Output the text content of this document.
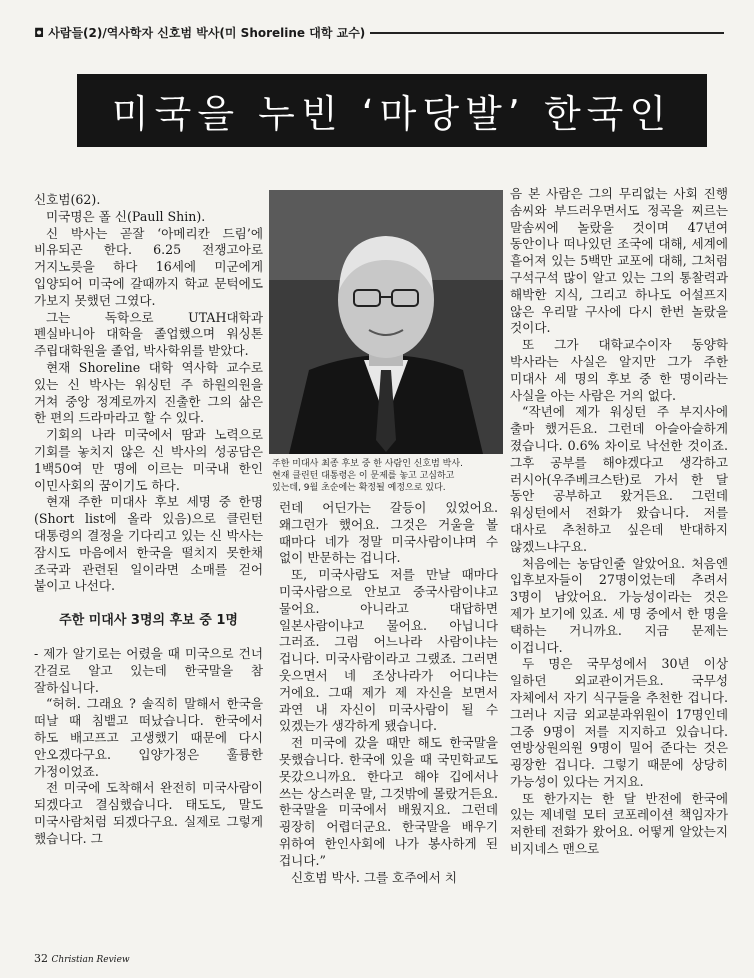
◘ 사람들(2)/역사학자 신호범 박사(미 Shoreline 대학 교수)
미국을 누빈 ‘마당발’ 한국인

신호범(62).

미국명은 폴 신(Paull Shin).

신 박사는 곧잘 ‘아메리칸 드림’에 비유되곤 한다. 6.25 전쟁고아로 거지노릇을 하다 16세에 미군에게 입양되어 미국에 갈때까지 학교 문턱에도 가보지 못했던 그였다.

그는 독학으로 UTAH대학과 펜실바니아 대학을 졸업했으며 워싱톤 주립대학원을 졸업, 박사학위를 받았다.

현재 Shoreline 대학 역사학 교수로 있는 신 박사는 워싱턴 주 하원의원을 거쳐 중앙 정계로까지 진출한 그의 삶은 한 편의 드라마라고 할 수 있다.

기회의 나라 미국에서 땀과 노력으로 기회를 놓치지 않은 신 박사의 성공담은 1백50여 만 명에 이르는 미국내 한인 이민사회의 꿈이기도 하다.

현재 주한 미대사 후보 세명 중 한명(Short list에 올라 있음)으로 클린턴 대통령의 결정을 기다리고 있는 신 박사는 잠시도 마음에서 한국을 떨치지 못한채 조국과 관련된 일이라면 소매를 걷어 붙이고 나선다.

주한 미대사 3명의 후보 중 1명

- 제가 알기로는 어렸을 때 미국으로 건너 간걸로 알고 있는데 한국말을 참 잘하십니다.

“허허. 그래요 ? 솔직히 말해서 한국을 떠날 때 침뱉고 떠났습니다. 한국에서 하도 배고프고 고생했기 때문에 다시 안오겠다구요. 입양가정은 훌륭한 가정이었죠.

전 미국에 도착해서 완전히 미국사람이 되겠다고 결심했습니다. 태도도, 말도 미국사람처럼 되겠다구요. 실제로 그렇게 했습니다. 그

주한 미대사 최종 후보 중 한 사람인 신호범 박사.
현재 클린턴 대통령은 이 문제를 놓고 고심하고
있는데, 9월 초순에는 확정될 예정으로 있다.

런데 어딘가는 갈등이 있었어요. 왜그런가 했어요. 그것은 거울을 볼 때마다 네가 정말 미국사람이냐며 수 없이 반문하는 겁니다.

또, 미국사람도 저를 만날 때마다 미국사람으로 안보고 중국사람이냐고 물어요. 아니라고 대답하면 일본사람이냐고 물어요. 아닙니다 그러죠. 그럼 어느나라 사람이냐는 겁니다. 미국사람이라고 그랬죠. 그러면 웃으면서 네 조상나라가 어디냐는 거에요. 그때 제가 제 자신을 보면서 과연 내 자신이 미국사람이 될 수 있겠는가 생각하게 됐습니다.

전 미국에 갔을 때만 해도 한국말을 못했습니다. 한국에 있을 때 국민학교도 못갔으니까요. 한다고 해야 깁에서나 쓰는 상스러운 말, 그것밖에 몰랐거든요. 한국말을 미국에서 배웠지요. 그런데 굉장히 어렵더군요. 한국말을 배우기 위하여 한인사회에 나가 봉사하게 된 겁니다.”

신호범 박사. 그를 호주에서 치

음 본 사람은 그의 무리없는 사회 진행 솜씨와 부드러우면서도 정곡을 찌르는 말솜씨에 놀랐을 것이며 47년여 동안이나 떠나있던 조국에 대해, 세계에 흩어져 있는 5백만 교포에 대해, 그처럼 구석구석 많이 알고 있는 그의 통찰력과 해박한 지식, 그리고 하나도 어설프지 않은 우리말 구사에 다시 한번 놀랐을 것이다.

또 그가 대학교수이자 동양학 박사라는 사실은 알지만 그가 주한 미대사 세 명의 후보 중 한 명이라는 사실을 아는 사람은 거의 없다.

“작년에 제가 워싱턴 주 부지사에 출마 했거든요. 그런데 아슬아슬하게 졌습니다. 0.6% 차이로 낙선한 것이죠. 그후 공부를 해야겠다고 생각하고 러시아(우주베크스탄)로 가서 한 달 동안 공부하고 왔거든요. 그런데 워싱턴에서 전화가 왔습니다. 저를 대사로 추천하고 싶은데 반대하지 않겠느냐구요.

처음에는 농담인줄 알았어요. 처음엔 입후보자들이 27명이었는데 추려서 3명이 남았어요. 가능성이라는 것은 제가 보기에 있죠. 세 명 중에서 한 명을 택하는 거니까요. 지금 문제는 이겁니다.

두 명은 국무성에서 30년 이상 일하던 외교관이거든요. 국무성 자체에서 자기 식구들을 추천한 겁니다. 그러나 지금 외교분과위원이 17명인데 그중 9명이 저를 지지하고 있습니다. 연방상원의원 9명이 밀어 준다는 것은 굉장한 겁니다. 그렇기 때문에 상당히 가능성이 있다는 거지요.

또 한가지는 한 달 반전에 한국에 있는 제네럴 모터 코포레이션 책임자가 저한테 전화가 왔어요. 어떻게 알았는지 비지네스 맨으로

32 Christian Review
